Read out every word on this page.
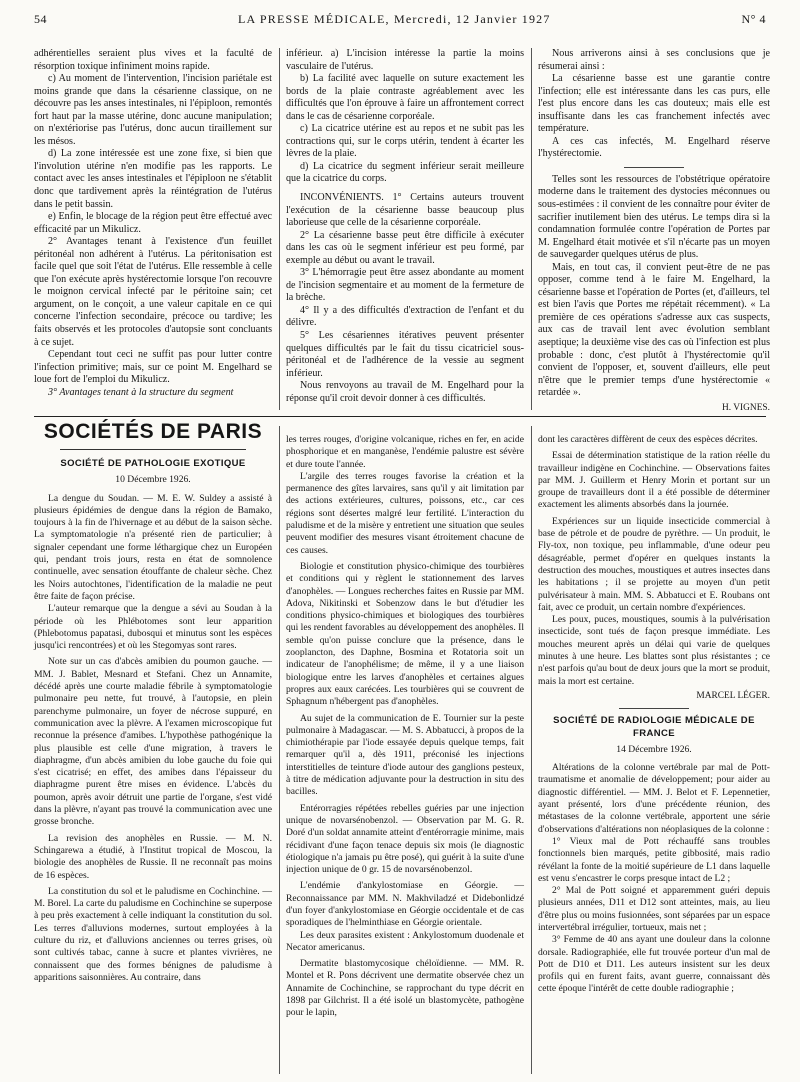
54	LA PRESSE MÉDICALE, Mercredi, 12 Janvier 1927	N° 4

adhérentielles seraient plus vives et la faculté de résorption toxique infiniment moins rapide.

c) Au moment de l'intervention, l'incision pariétale est moins grande que dans la césarienne classique, on ne découvre pas les anses intestinales, ni l'épiploon, remontés fort haut par la masse utérine, donc aucune manipulation; on n'extériorise pas l'utérus, donc aucun tiraillement sur les mésos.

d) La zone intéressée est une zone fixe, si bien que l'involution utérine n'en modifie pas les rapports. Le contact avec les anses intestinales et l'épiploon ne s'établit donc que tardivement après la réintégration de l'utérus dans le petit bassin.

e) Enfin, le blocage de la région peut être effectué avec efficacité par un Mikulicz.

2° Avantages tenant à l'existence d'un feuillet péritonéal non adhérent à l'utérus. La péritonisation est facile quel que soit l'état de l'utérus. Elle ressemble à celle que l'on exécute après hystérectomie lorsque l'on recouvre le moignon cervical infecté par le péritoine sain; cet argument, on le conçoit, a une valeur capitale en ce qui concerne l'infection secondaire, précoce ou tardive; les faits observés et les protocoles d'autopsie sont concluants à ce sujet.

Cependant tout ceci ne suffit pas pour lutter contre l'infection primitive; mais, sur ce point M. Engelhard se loue fort de l'emploi du Mikulicz.

3° Avantages tenant à la structure du segment

inférieur. a) L'incision intéresse la partie la moins vasculaire de l'utérus.

b) La facilité avec laquelle on suture exactement les bords de la plaie contraste agréablement avec les difficultés que l'on éprouve à faire un affrontement correct dans le cas de césarienne corporéale.

c) La cicatrice utérine est au repos et ne subit pas les contractions qui, sur le corps utérin, tendent à écarter les lèvres de la plaie.

d) La cicatrice du segment inférieur serait meilleure que la cicatrice du corps.

INCONVÉNIENTS. 1° Certains auteurs trouvent l'exécution de la césarienne basse beaucoup plus laborieuse que celle de la césarienne corporéale.

2° La césarienne basse peut être difficile à exécuter dans les cas où le segment inférieur est peu formé, par exemple au début ou avant le travail.

3° L'hémorragie peut être assez abondante au moment de l'incision segmentaire et au moment de la fermeture de la brèche.

4° Il y a des difficultés d'extraction de l'enfant et du délivre.

5° Les césariennes itératives peuvent présenter quelques difficultés par le fait du tissu cicatriciel sous-péritonéal et de l'adhérence de la vessie au segment inférieur.

Nous renvoyons au travail de M. Engelhard pour la réponse qu'il croit devoir donner à ces difficultés.

Nous arriverons ainsi à ses conclusions que je résumerai ainsi :

La césarienne basse est une garantie contre l'infection; elle est intéressante dans les cas purs, elle l'est plus encore dans les cas douteux; mais elle est insuffisante dans les cas franchement infectés avec température.

A ces cas infectés, M. Engelhard réserve l'hystérectomie.

Telles sont les ressources de l'obstétrique opératoire moderne dans le traitement des dystocies méconnues ou sous-estimées : il convient de les connaître pour éviter de sacrifier inutilement bien des utérus. Le temps dira si la condamnation formulée contre l'opération de Portes par M. Engelhard était motivée et s'il n'écarte pas un moyen de sauvegarder quelques utérus de plus.

Mais, en tout cas, il convient peut-être de ne pas opposer, comme tend à le faire M. Engelhard, la césarienne basse et l'opération de Portes (et, d'ailleurs, tel est bien l'avis que Portes me répétait récemment). « La première de ces opérations s'adresse aux cas suspects, aux cas de travail lent avec évolution semblant aseptique; la deuxième vise des cas où l'infection est plus probable : donc, c'est plutôt à l'hystérectomie qu'il convient de l'opposer, et, souvent d'ailleurs, elle peut n'être que le premier temps d'une hystérectomie « retardée ».

H. VIGNES.
SOCIÉTÉS DE PARIS
SOCIÉTÉ DE PATHOLOGIE EXOTIQUE
10 Décembre 1926.

La dengue du Soudan. — M. E. W. Suldey a assisté à plusieurs épidémies de dengue dans la région de Bamako, toujours à la fin de l'hivernage et au début de la saison sèche. La symptomatologie n'a présenté rien de particulier; à signaler cependant une forme léthargique chez un Européen qui, pendant trois jours, resta en état de somnolence continuelle, avec sensation étouffante de chaleur sèche. Chez les Noirs autochtones, l'identification de la maladie ne peut être faite de façon précise.

L'auteur remarque que la dengue a sévi au Soudan à la période où les Phlébotomes sont leur apparition (Phlebotomus papatasi, dubosqui et minutus sont les espèces jusqu'ici rencontrées) et où les Stegomyas sont rares.

Note sur un cas d'abcès amibien du poumon gauche. — MM. J. Bablet, Mesnard et Stefani. Chez un Annamite, décédé après une courte maladie fébrile à symptomatologie pulmonaire peu nette, fut trouvé, à l'autopsie, en plein parenchyme pulmonaire, un foyer de nécrose suppuré, en communication avec la plèvre. A l'examen microscopique fut reconnue la présence d'amibes. L'hypothèse pathogénique la plus plausible est celle d'une migration, à travers le diaphragme, d'un abcès amibien du lobe gauche du foie qui s'est cicatrisé; en effet, des amibes dans l'épaisseur du diaphragme purent être mises en évidence. L'abcès du poumon, après avoir détruit une partie de l'organe, s'est vidé dans la plèvre, n'ayant pas trouvé la communication avec une grosse bronche.

La revision des anophèles en Russie. — M. N. Schingarewa a étudié, à l'Institut tropical de Moscou, la biologie des anophèles de Russie. Il ne reconnaît pas moins de 16 espèces.

La constitution du sol et le paludisme en Cochinchine. — M. Borel. La carte du paludisme en Cochinchine se superpose à peu près exactement à celle indiquant la constitution du sol. Les terres d'alluvions modernes, surtout employées à la culture du riz, et d'alluvions anciennes ou terres grises, où sont cultivés tabac, canne à sucre et plantes vivrières, ne connaissent que des formes bénignes de paludisme à apparitions saisonnières. Au contraire, dans

les terres rouges, d'origine volcanique, riches en fer, en acide phosphorique et en manganèse, l'endémie palustre est sévère et dure toute l'année.

L'argile des terres rouges favorise la création et la permanence des gîtes larvaires, sans qu'il y ait limitation par des actions extérieures, cultures, poissons, etc., car ces régions sont désertes malgré leur fertilité. L'interaction du paludisme et de la misère y entretient une situation que seules peuvent modifier des mesures visant étroitement chacune de ces causes.

Biologie et constitution physico-chimique des tourbières et conditions qui y règlent le stationnement des larves d'anophèles. — Longues recherches faites en Russie par MM. Adova, Nikitinski et Sobenzow dans le but d'étudier les conditions physico-chimiques et biologiques des tourbières qui les rendent favorables au développement des anophèles. Il semble qu'on puisse conclure que la présence, dans le zooplancton, des Daphne, Bosmina et Rotatoria soit un indicateur de l'anophélisme; de même, il y a une liaison biologique entre les larves d'anophèles et certaines algues propres aux eaux carécées. Les tourbières qui se couvrent de Sphagnum n'hébergent pas d'anophèles.

Au sujet de la communication de E. Tournier sur la peste pulmonaire à Madagascar. — M. S. Abbatucci, à propos de la chimiothérapie par l'iode essayée depuis quelque temps, fait remarquer qu'il a, dès 1911, préconisé les injections interstitielles de teinture d'iode autour des ganglions pesteux, à titre de médication adjuvante pour la destruction in situ des bacilles.

Entérorragies répétées rebelles guéries par une injection unique de novarsénobenzol. — Observation par M. G. R. Doré d'un soldat annamite atteint d'entérorragie minime, mais récidivant d'une façon tenace depuis six mois (le diagnostic étiologique n'a jamais pu être posé), qui guérit à la suite d'une injection unique de 0 gr. 15 de novarsénobenzol.

L'endémie d'ankylostomiase en Géorgie. — Reconnaissance par MM. N. Makhviladzé et Didebonlidzé d'un foyer d'ankylostomiase en Géorgie occidentale et de cas sporadiques de l'helminthiase en Géorgie orientale.

Les deux parasites existent : Ankylostomum duodenale et Necator americanus.

Dermatite blastomycosique chéloïdienne. — MM. R. Montel et R. Pons décrivent une dermatite observée chez un Annamite de Cochinchine, se rapprochant du type décrit en 1898 par Gilchrist. Il a été isolé un blastomycète, pathogène pour le lapin,

dont les caractères diffèrent de ceux des espèces décrites.

Essai de détermination statistique de la ration réelle du travailleur indigène en Cochinchine. — Observations faites par MM. J. Guillerm et Henry Morin et portant sur un groupe de travailleurs dont il a été possible de déterminer exactement les aliments absorbés dans la journée.

Expériences sur un liquide insecticide commercial à base de pétrole et de poudre de pyrèthre. — Un produit, le Fly-tox, non toxique, peu inflammable, d'une odeur peu désagréable, permet d'opérer en quelques instants la destruction des mouches, moustiques et autres insectes dans les habitations ; il se projette au moyen d'un petit pulvérisateur à main. MM. S. Abbatucci et E. Roubans ont fait, avec ce produit, un certain nombre d'expériences.

Les poux, puces, moustiques, soumis à la pulvérisation insecticide, sont tués de façon presque immédiate. Les mouches meurent après un délai qui varie de quelques minutes à une heure. Les blattes sont plus résistantes ; ce n'est parfois qu'au bout de deux jours que la mort se produit, mais la mort est certaine.

MARCEL LÉGER.
SOCIÉTÉ DE RADIOLOGIE MÉDICALE DE FRANCE
14 Décembre 1926.

Altérations de la colonne vertébrale par mal de Pott-traumatisme et anomalie de développement; pour aider au diagnostic différentiel. — MM. J. Belot et F. Lepennetier, ayant présenté, lors d'une précédente réunion, des métastases de la colonne vertébrale, apportent une série d'observations d'altérations non néoplasiques de la colonne :

1° Vieux mal de Pott réchauffé sans troubles fonctionnels bien marqués, petite gibbosité, mais radio révélant la fonte de la moitié supérieure de L1 dans laquelle est venu s'encastrer le corps presque intact de L2 ;

2° Mal de Pott soigné et apparemment guéri depuis plusieurs années, D11 et D12 sont atteintes, mais, au lieu d'être plus ou moins fusionnées, sont séparées par un espace intervertébral irrégulier, tortueux, mais net ;

3° Femme de 40 ans ayant une douleur dans la colonne dorsale. Radiographiée, elle fut trouvée porteur d'un mal de Pott de D10 et D11. Les auteurs insistent sur les deux profils qui en furent faits, avant guerre, connaissant dès cette époque l'intérêt de cette double radiographie ;
